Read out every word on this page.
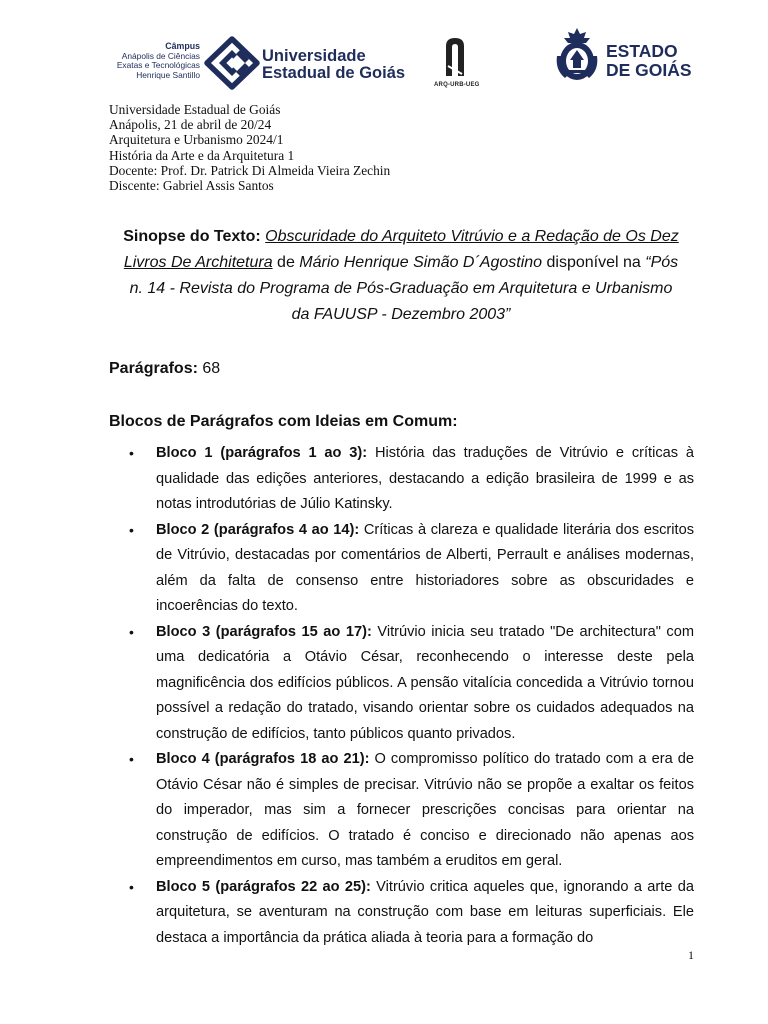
Câmpus
Anápolis de Ciências
Exatas e Tecnológicas
Henrique Santillo
Universidade
Estadual de Goiás
ARQ-URB-UEG
ESTADO
DE GOIÁS
Universidade Estadual de Goiás
Anápolis, 21 de abril de 20/24
Arquitetura e Urbanismo 2024/1
História da Arte e da Arquitetura 1
Docente: Prof. Dr. Patrick Di Almeida Vieira Zechin
Discente: Gabriel Assis Santos
Sinopse do Texto: Obscuridade do Arquiteto Vitrúvio e a Redação de Os Dez
Livros De Architetura de Mário Henrique Simão D´Agostino disponível na “Pós
n. 14 - Revista do Programa de Pós-Graduação em Arquitetura e Urbanismo
da FAUUSP - Dezembro 2003”
Parágrafos: 68
Blocos de Parágrafos com Ideias em Comum:
• Bloco 1 (parágrafos 1 ao 3): História das traduções de Vitrúvio e críticas à qualidade das edições anteriores, destacando a edição brasileira de 1999 e as notas introdutórias de Júlio Katinsky.
• Bloco 2 (parágrafos 4 ao 14): Críticas à clareza e qualidade literária dos escritos de Vitrúvio, destacadas por comentários de Alberti, Perrault e análises modernas, além da falta de consenso entre historiadores sobre as obscuridades e incoerências do texto.
• Bloco 3 (parágrafos 15 ao 17): Vitrúvio inicia seu tratado "De architectura" com uma dedicatória a Otávio César, reconhecendo o interesse deste pela magnificência dos edifícios públicos. A pensão vitalícia concedida a Vitrúvio tornou possível a redação do tratado, visando orientar sobre os cuidados adequados na construção de edifícios, tanto públicos quanto privados.
• Bloco 4 (parágrafos 18 ao 21): O compromisso político do tratado com a era de Otávio César não é simples de precisar. Vitrúvio não se propõe a exaltar os feitos do imperador, mas sim a fornecer prescrições concisas para orientar na construção de edifícios. O tratado é conciso e direcionado não apenas aos empreendimentos em curso, mas também a eruditos em geral.
• Bloco 5 (parágrafos 22 ao 25): Vitrúvio critica aqueles que, ignorando a arte da arquitetura, se aventuram na construção com base em leituras superficiais. Ele destaca a importância da prática aliada à teoria para a formação do
1
